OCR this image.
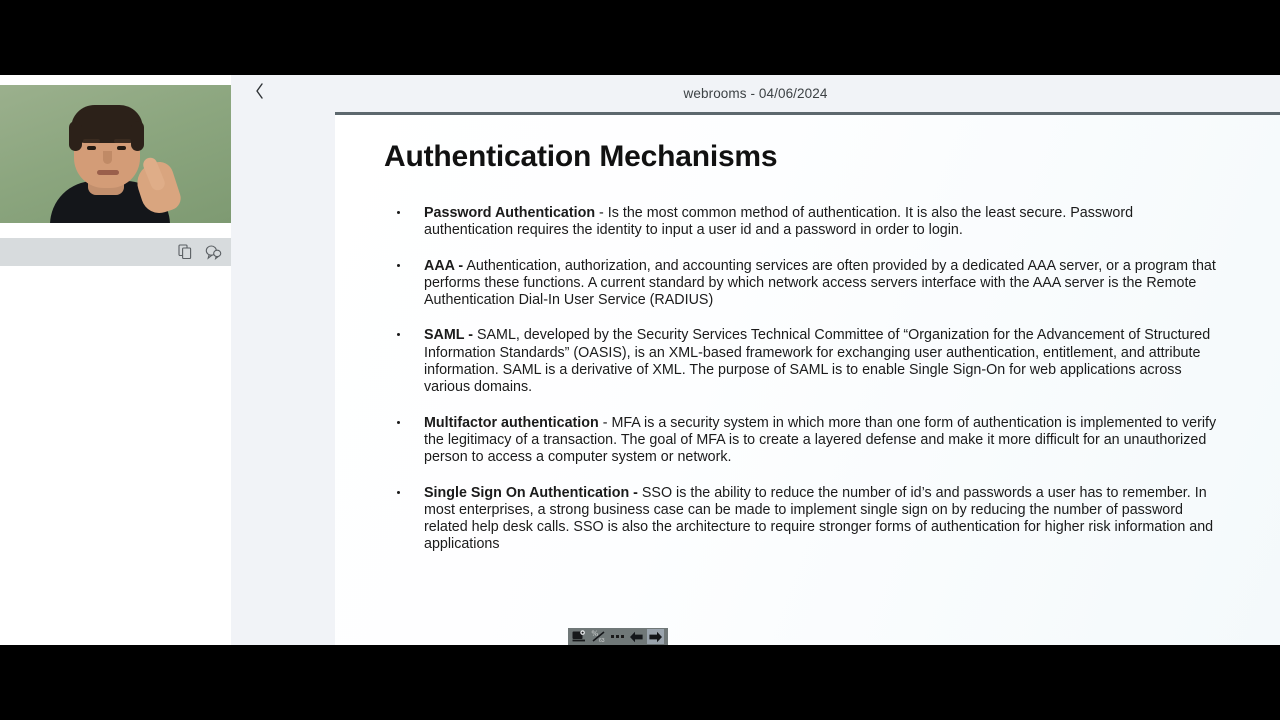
webrooms - 04/06/2024
Authentication Mechanisms
Password Authentication - Is the most common method of authentication. It is also the least secure. Password authentication requires the identity to input a user id and a password in order to login.
AAA - Authentication, authorization, and accounting services are often provided by a dedicated AAA server, or a program that performs these functions. A current standard by which network access servers interface with the AAA server is the Remote Authentication Dial-In User Service (RADIUS)
SAML - SAML, developed by the Security Services Technical Committee of “Organization for the Advancement of Structured Information Standards” (OASIS), is an XML-based framework for exchanging user authentication, entitlement, and attribute information. SAML is a derivative of XML. The purpose of SAML is to enable Single Sign-On for web applications across various domains.
Multifactor authentication - MFA is a security system in which more than one form of authentication is implemented to verify the legitimacy of a transaction. The goal of MFA is to create a layered defense and make it more difficult for an unauthorized person to access a computer system or network.
Single Sign On Authentication - SSO is the ability to reduce the number of id’s and passwords a user has to remember. In most enterprises, a strong business case can be made to implement single sign on by reducing the number of password related help desk calls. SSO is also the architecture to require stronger forms of authentication for higher risk information and applications
%
63
